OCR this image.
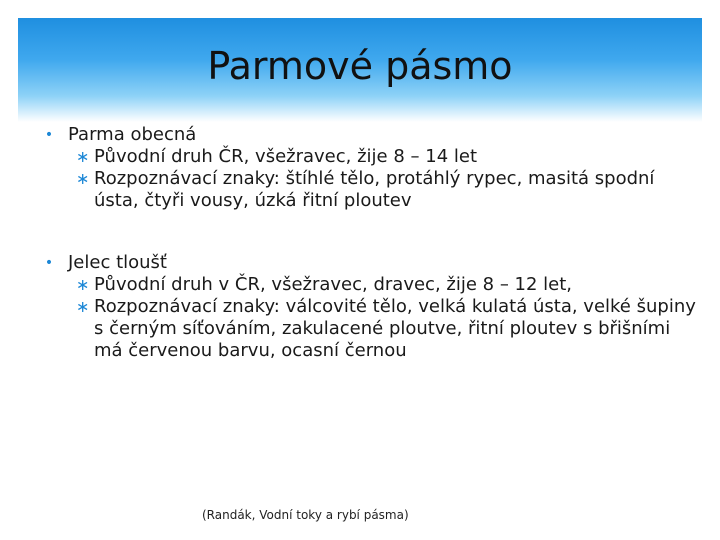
Parmové pásmo
• Parma obecná
∗ Původní druh ČR, všežravec, žije 8 – 14 let
∗ Rozpoznávací znaky: štíhlé tělo, protáhlý rypec, masitá spodní ústa, čtyři vousy, úzká řitní ploutev
• Jelec tloušť
∗ Původní druh v ČR, všežravec, dravec, žije 8 – 12 let,
∗ Rozpoznávací znaky: válcovité tělo, velká kulatá ústa, velké šupiny s černým síťováním, zakulacené ploutve, řitní ploutev s břišními má červenou barvu, ocasní černou
(Randák, Vodní toky a rybí pásma)
